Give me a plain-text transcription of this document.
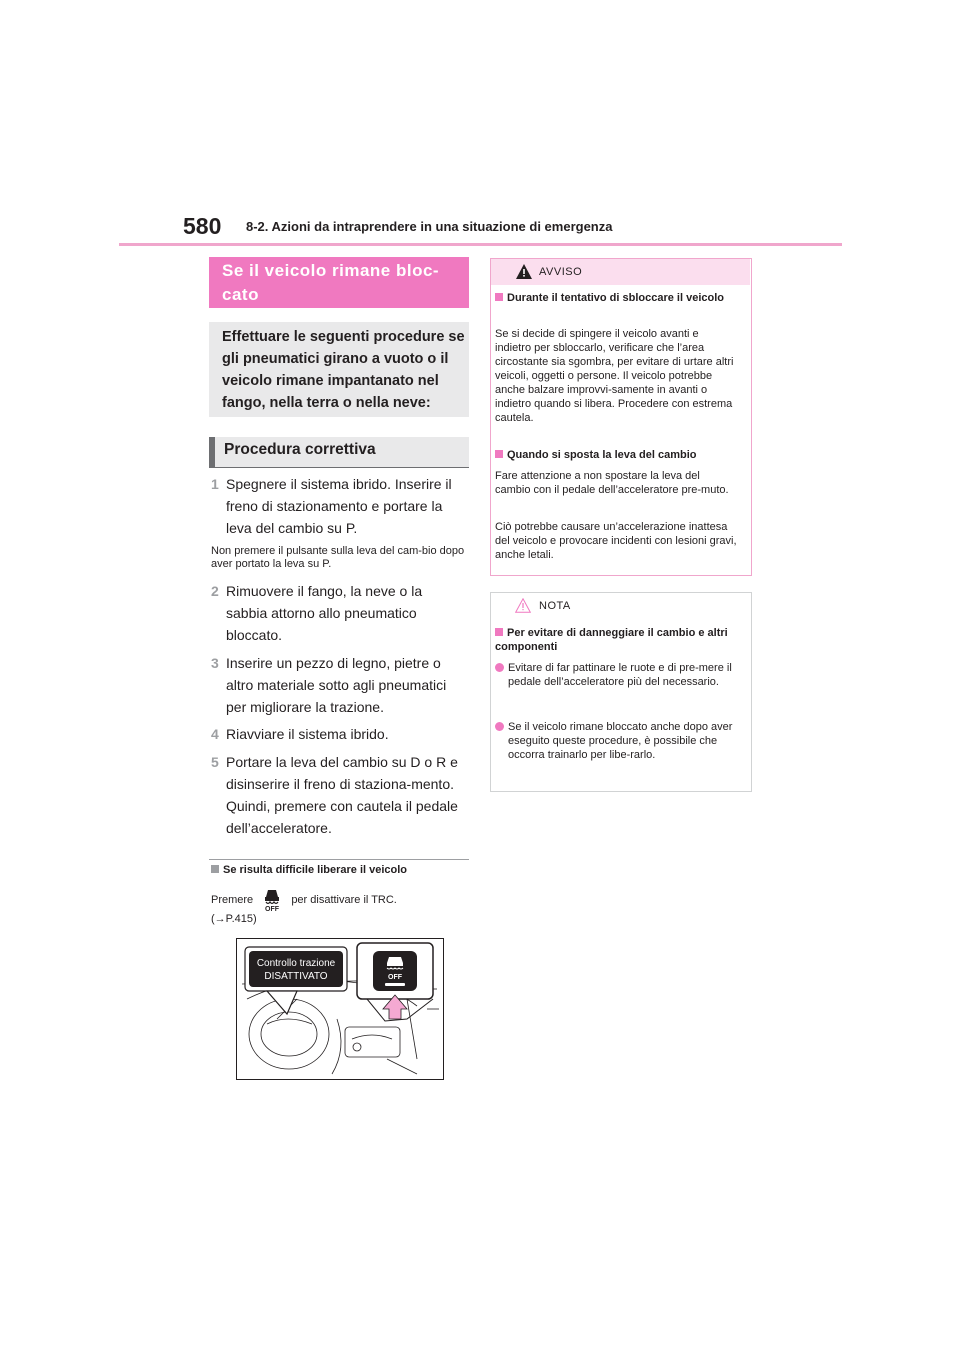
580 8-2. Azioni da intraprendere in una situazione di emergenza
Se il veicolo rimane bloc-cato
Effettuare le seguenti procedure se gli pneumatici girano a vuoto o il veicolo rimane impantanato nel fango, nella terra o nella neve:
Procedura correttiva
1 Spegnere il sistema ibrido. Inserire il freno di stazionamento e portare la leva del cambio su P.
Non premere il pulsante sulla leva del cam-bio dopo aver portato la leva su P.
2 Rimuovere il fango, la neve o la sabbia attorno allo pneumatico bloccato.
3 Inserire un pezzo di legno, pietre o altro materiale sotto agli pneumatici per migliorare la trazione.
4 Riavviare il sistema ibrido.
5 Portare la leva del cambio su D o R e disinserire il freno di staziona-mento. Quindi, premere con cautela il pedale dell’acceleratore.
Se risulta difficile liberare il veicolo
Premere
OFF
per disattivare il TRC.
(→P.415)
Controllo trazione
DISATTIVATO	OFF
AVVISO
Durante il tentativo di sbloccare il veicolo
Se si decide di spingere il veicolo avanti e indietro per sbloccarlo, verificare che l’area circostante sia sgombra, per evitare di urtare altri veicoli, oggetti o persone. Il veicolo potrebbe anche balzare improvvi-samente in avanti o indietro quando si libera. Procedere con estrema cautela.
Quando si sposta la leva del cambio
Fare attenzione a non spostare la leva del cambio con il pedale dell’acceleratore pre-muto.
Ciò potrebbe causare un’accelerazione inattesa del veicolo e provocare incidenti con lesioni gravi, anche letali.
NOTA
Per evitare di danneggiare il cambio e altri componenti
Evitare di far pattinare le ruote e di pre-mere il pedale dell’acceleratore più del necessario.
Se il veicolo rimane bloccato anche dopo aver eseguito queste procedure, è possibile che occorra trainarlo per libe-rarlo.
